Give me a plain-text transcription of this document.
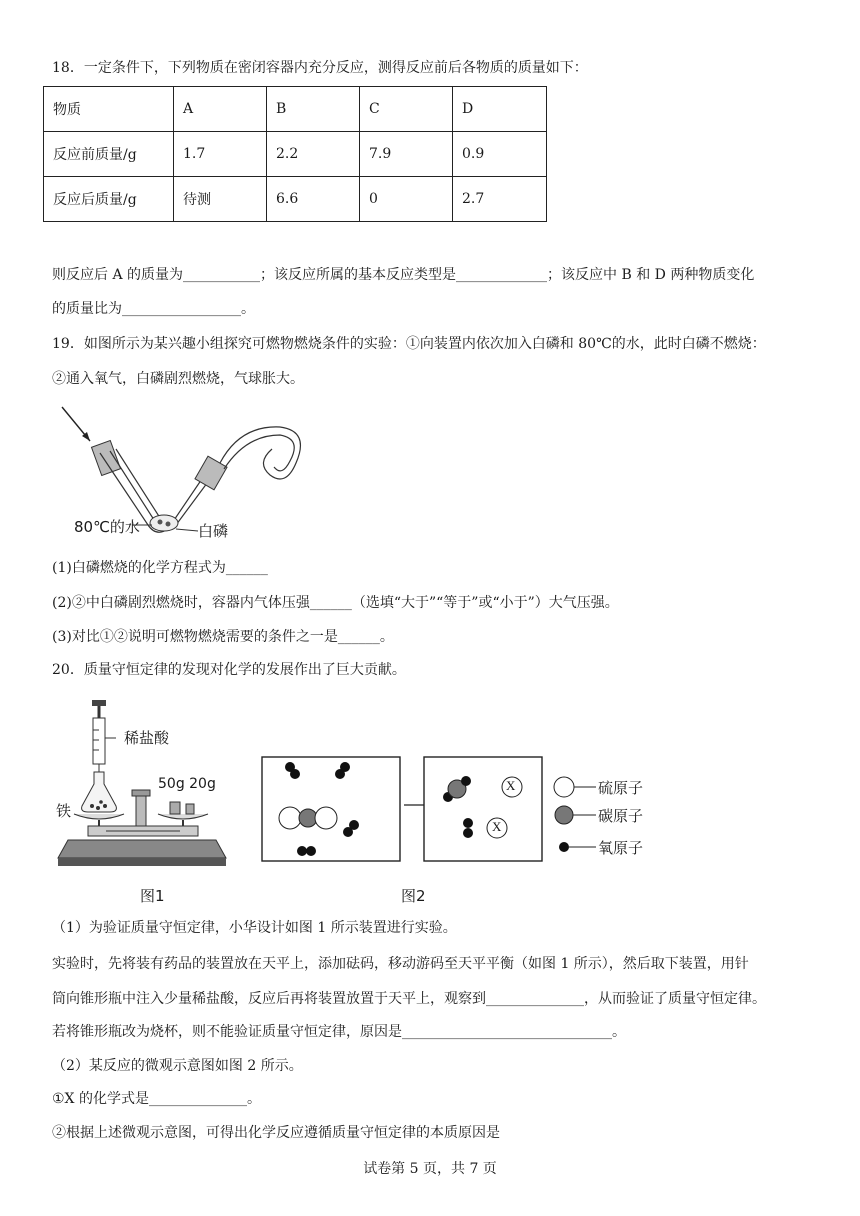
18．一定条件下，下列物质在密闭容器内充分反应，测得反应前后各物质的质量如下：
物质	A	B	C	D
反应前质量/g	1.7	2.2	7.9	0.9
反应后质量/g	待测	6.6	0	2.7
则反应后 A 的质量为___________；该反应所属的基本反应类型是_____________；该反应中 B 和 D 两种物质变化
的质量比为_________________。
19．如图所示为某兴趣小组探究可燃物燃烧条件的实验：①向装置内依次加入白磷和 80℃的水，此时白磷不燃烧：
②通入氧气，白磷剧烈燃烧，气球胀大。
80℃的水	白磷
(1)白磷燃烧的化学方程式为______
(2)②中白磷剧烈燃烧时，容器内气体压强______（选填“大于”“等于”或“小于”）大气压强。
(3)对比①②说明可燃物燃烧需要的条件之一是______。
20．质量守恒定律的发现对化学的发展作出了巨大贡献。
稀盐酸
铁
50g 20g
图1
X
X
硫原子
碳原子
氧原子
图2
（1）为验证质量守恒定律，小华设计如图 1 所示装置进行实验。
实验时，先将装有药品的装置放在天平上，添加砝码，移动游码至天平平衡（如图 1 所示），然后取下装置，用针
筒向锥形瓶中注入少量稀盐酸，反应后再将装置放置于天平上，观察到______________，从而验证了质量守恒定律。
若将锥形瓶改为烧杯，则不能验证质量守恒定律，原因是______________________________。
（2）某反应的微观示意图如图 2 所示。
①X 的化学式是______________。
②根据上述微观示意图，可得出化学反应遵循质量守恒定律的本质原因是
试卷第 5 页，共 7 页
